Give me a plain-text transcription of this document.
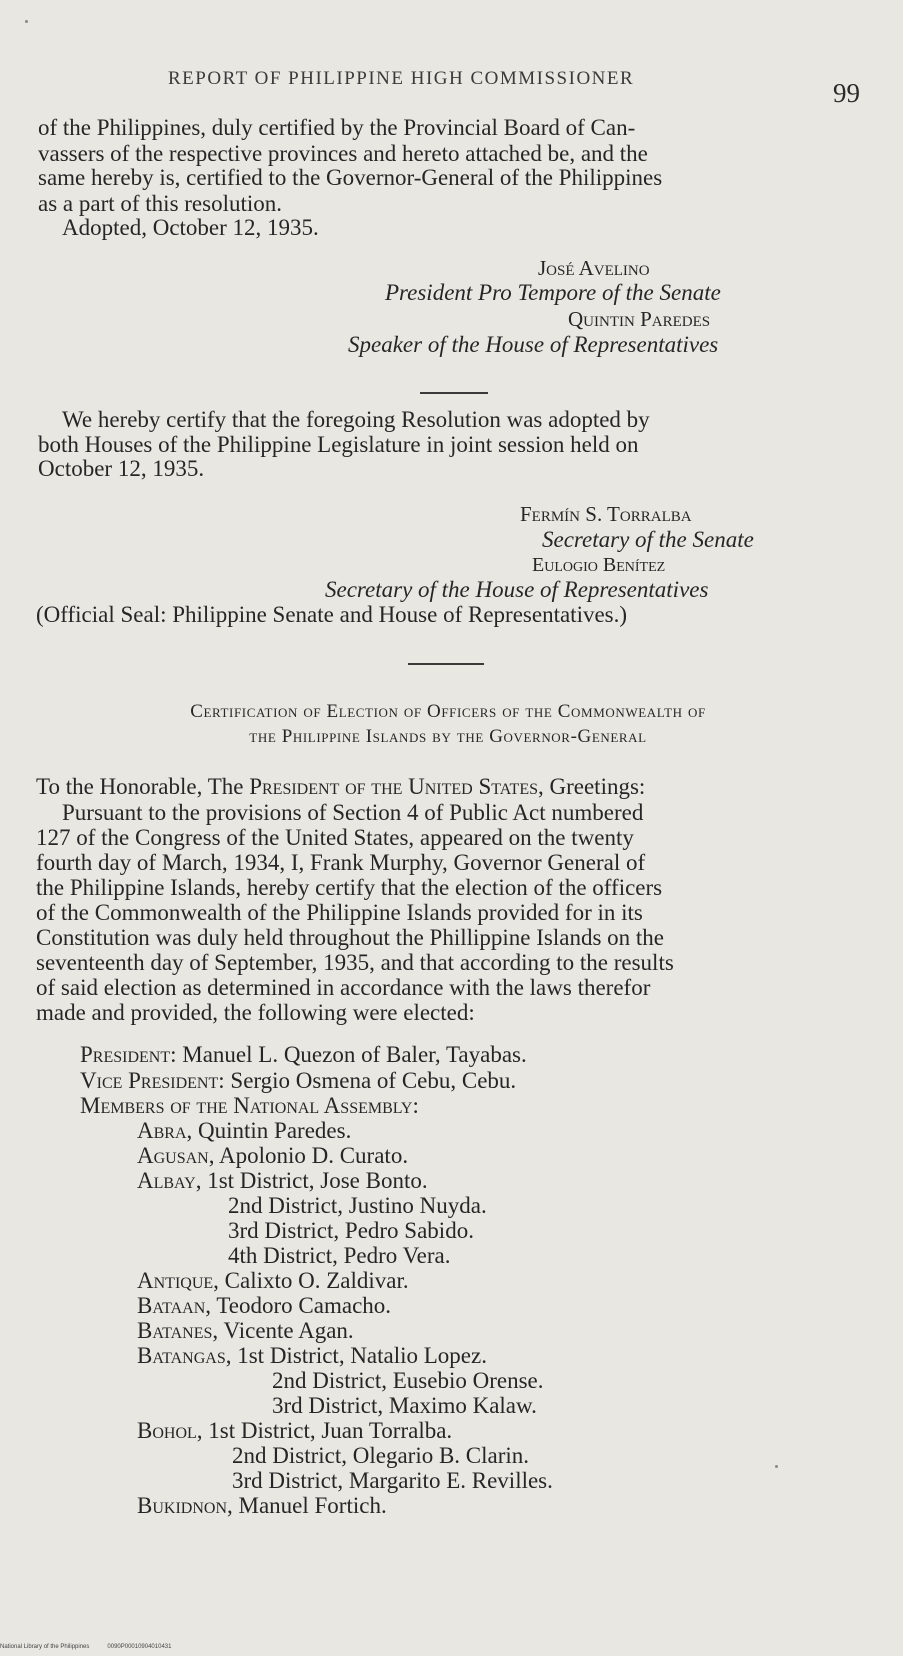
REPORT OF PHILIPPINE HIGH COMMISSIONER	99
of the Philippines, duly certified by the Provincial Board of Can-
vassers of the respective provinces and hereto attached be, and the
same hereby is, certified to the Governor-General of the Philippines
as a part of this resolution.
Adopted, October 12, 1935.
José Avelino
President Pro Tempore of the Senate
Quintin Paredes
Speaker of the House of Representatives
We hereby certify that the foregoing Resolution was adopted by
both Houses of the Philippine Legislature in joint session held on
October 12, 1935.
Fermín S. Torralba
Secretary of the Senate
Eulogio Benítez
Secretary of the House of Representatives
(Official Seal: Philippine Senate and House of Representatives.)
Certification of Election of Officers of the Commonwealth of
the Philippine Islands by the Governor-General
To the Honorable, The President of the United States, Greetings:
Pursuant to the provisions of Section 4 of Public Act numbered
127 of the Congress of the United States, appeared on the twenty
fourth day of March, 1934, I, Frank Murphy, Governor General of
the Philippine Islands, hereby certify that the election of the officers
of the Commonwealth of the Philippine Islands provided for in its
Constitution was duly held throughout the Phillippine Islands on the
seventeenth day of September, 1935, and that according to the results
of said election as determined in accordance with the laws therefor
made and provided, the following were elected:
President: Manuel L. Quezon of Baler, Tayabas.
Vice President: Sergio Osmena of Cebu, Cebu.
Members of the National Assembly:
Abra, Quintin Paredes.
Agusan, Apolonio D. Curato.
Albay, 1st District, Jose Bonto.
2nd District, Justino Nuyda.
3rd District, Pedro Sabido.
4th District, Pedro Vera.
Antique, Calixto O. Zaldivar.
Bataan, Teodoro Camacho.
Batanes, Vicente Agan.
Batangas, 1st District, Natalio Lopez.
2nd District, Eusebio Orense.
3rd District, Maximo Kalaw.
Bohol, 1st District, Juan Torralba.
2nd District, Olegario B. Clarin.
3rd District, Margarito E. Revilles.
Bukidnon, Manuel Fortich.
National Library of the Philippines	0090P00010904010431
